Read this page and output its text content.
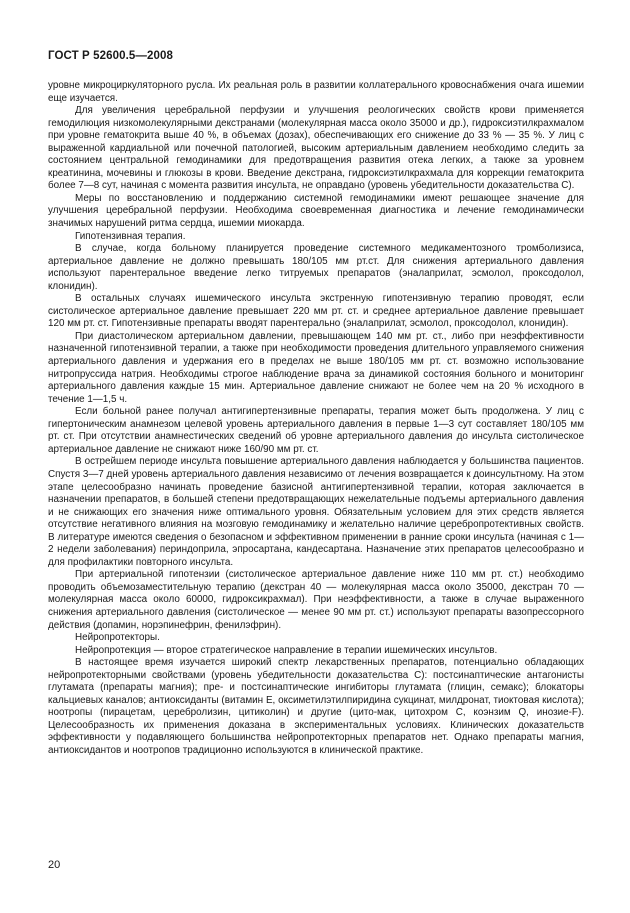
ГОСТ Р 52600.5—2008

уровне микроциркуляторного русла. Их реальная роль в развитии коллатерального кровоснабжения очага ишемии еще изучается.

Для увеличения церебральной перфузии и улучшения реологических свойств крови применяется гемодилюция низкомолекулярными декстранами (молекулярная масса около 35000 и др.), гидроксиэтилкрахмалом при уровне гематокрита выше 40 %, в объемах (дозах), обеспечивающих его снижение до 33 % — 35 %. У лиц с выраженной кардиальной или почечной патологией, высоким артериальным давлением необходимо следить за состоянием центральной гемодинамики для предотвращения развития отека легких, а также за уровнем креатинина, мочевины и глюкозы в крови. Введение декстрана, гидроксиэтилкрахмала для коррекции гематокрита более 7—8 сут, начиная с момента развития инсульта, не оправдано (уровень убедительности доказательства С).

Меры по восстановлению и поддержанию системной гемодинамики имеют решающее значение для улучшения церебральной перфузии. Необходима своевременная диагностика и лечение гемодинамически значимых нарушений ритма сердца, ишемии миокарда.

Гипотензивная терапия.

В случае, когда больному планируется проведение системного медикаментозного тромболизиса, артериальное давление не должно превышать 180/105 мм рт.ст. Для снижения артериального давления используют парентеральное введение легко титруемых препаратов (эналаприлат, эсмолол, проксодолол, клонидин).

В остальных случаях ишемического инсульта экстренную гипотензивную терапию проводят, если систолическое артериальное давление превышает 220 мм рт. ст. и среднее артериальное давление превышает 120 мм рт. ст. Гипотензивные препараты вводят парентерально (эналаприлат, эсмолол, проксодолол, клонидин).

При диастолическом артериальном давлении, превышающем 140 мм рт. ст., либо при неэффективности назначенной гипотензивной терапии, а также при необходимости проведения длительного управляемого снижения артериального давления и удержания его в пределах не выше 180/105 мм рт. ст. возможно использование нитропруссида натрия. Необходимы строгое наблюдение врача за динамикой состояния больного и мониторинг артериального давления каждые 15 мин. Артериальное давление снижают не более чем на 20 % исходного в течение 1—1,5 ч.

Если больной ранее получал антигипертензивные препараты, терапия может быть продолжена. У лиц с гипертоническим анамнезом целевой уровень артериального давления в первые 1—3 сут составляет 180/105 мм рт. ст. При отсутствии анамнестических сведений об уровне артериального давления до инсульта систолическое артериальное давление не снижают ниже 160/90 мм рт. ст.

В острейшем периоде инсульта повышение артериального давления наблюдается у большинства пациентов. Спустя 3—7 дней уровень артериального давления независимо от лечения возвращается к доинсультному. На этом этапе целесообразно начинать проведение базисной антигипертензивной терапии, которая заключается в назначении препаратов, в большей степени предотвращающих нежелательные подъемы артериального давления и не снижающих его значения ниже оптимального уровня. Обязательным условием для этих средств является отсутствие негативного влияния на мозговую гемодинамику и желательно наличие церебропротективных свойств. В литературе имеются сведения о безопасном и эффективном применении в ранние сроки инсульта (начиная с 1—2 недели заболевания) периндоприла, эпросартана, кандесартана. Назначение этих препаратов целесообразно и для профилактики повторного инсульта.

При артериальной гипотензии (систолическое артериальное давление ниже 110 мм рт. ст.) необходимо проводить объемозаместительную терапию (декстран 40 — молекулярная масса около 35000, декстран 70 — молекулярная масса около 60000, гидроксикрахмал). При неэффективности, а также в случае выраженного снижения артериального давления (систолическое — менее 90 мм рт. ст.) используют препараты вазопрессорного действия (допамин, норэпинефрин, фенилэфрин).

Нейропротекторы.

Нейропротекция — второе стратегическое направление в терапии ишемических инсультов.

В настоящее время изучается широкий спектр лекарственных препаратов, потенциально обладающих нейропротекторными свойствами (уровень убедительности доказательства С): постсинаптические антагонисты глутамата (препараты магния); пре- и постсинаптические ингибиторы глутамата (глицин, семакс); блокаторы кальциевых каналов; антиоксиданты (витамин Е, оксиметилэтилпиридина сукцинат, милдронат, тиоктовая кислота); ноотропы (пирацетам, церебролизин, цитиколин) и другие (цито-мак, цитохром С, коэнзим Q, инозие-F). Целесообразность их применения доказана в экспериментальных условиях. Клинических доказательств эффективности у подавляющего большинства нейропротекторных препаратов нет. Однако препараты магния, антиоксидантов и ноотропов традиционно используются в клинической практике.

20
